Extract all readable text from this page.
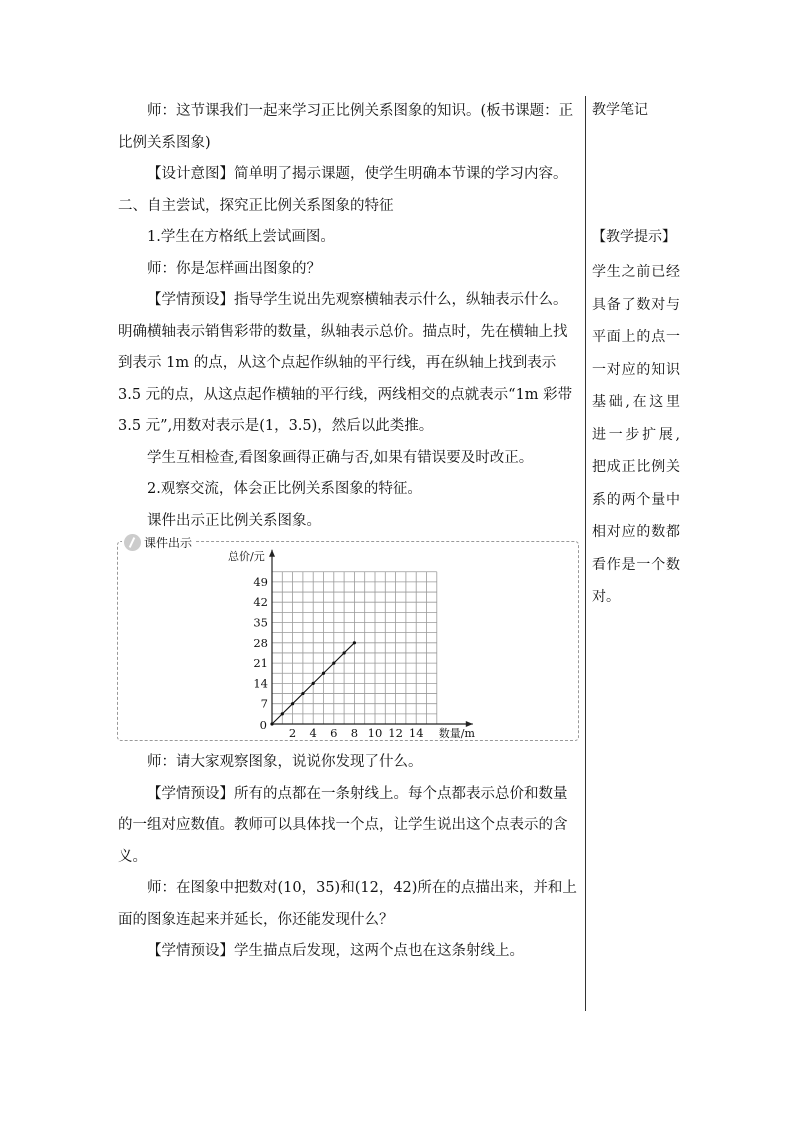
师：这节课我们一起来学习正比例关系图象的知识。(板书课题：正比例关系图象)

【设计意图】简单明了揭示课题，使学生明确本节课的学习内容。

二、自主尝试，探究正比例关系图象的特征

1.学生在方格纸上尝试画图。

师：你是怎样画出图象的？

【学情预设】指导学生说出先观察横轴表示什么，纵轴表示什么。明确横轴表示销售彩带的数量，纵轴表示总价。描点时，先在横轴上找到表示 1m 的点，从这个点起作纵轴的平行线，再在纵轴上找到表示 3.5 元的点，从这点起作横轴的平行线，两线相交的点就表示“1m 彩带 3.5 元”,用数对表示是(1，3.5)，然后以此类推。

学生互相检查,看图象画得正确与否,如果有错误要及时改正。

2.观察交流，体会正比例关系图象的特征。

课件出示正比例关系图象。

课件出示
2 4 6 8 10 12 14
7
14
21
28
35
42
49
0
总价/元
数量/m

师：请大家观察图象，说说你发现了什么。

【学情预设】所有的点都在一条射线上。每个点都表示总价和数量的一组对应数值。教师可以具体找一个点，让学生说出这个点表示的含义。

师：在图象中把数对(10，35)和(12，42)所在的点描出来，并和上面的图象连起来并延长，你还能发现什么？

【学情预设】学生描点后发现，这两个点也在这条射线上。

教学笔记
【教学提示】
学生之前已经具备了数对与平面上的点一一对应的知识基础,在这里进一步扩展,把成正比例关系的两个量中相对应的数都看作是一个数对。
